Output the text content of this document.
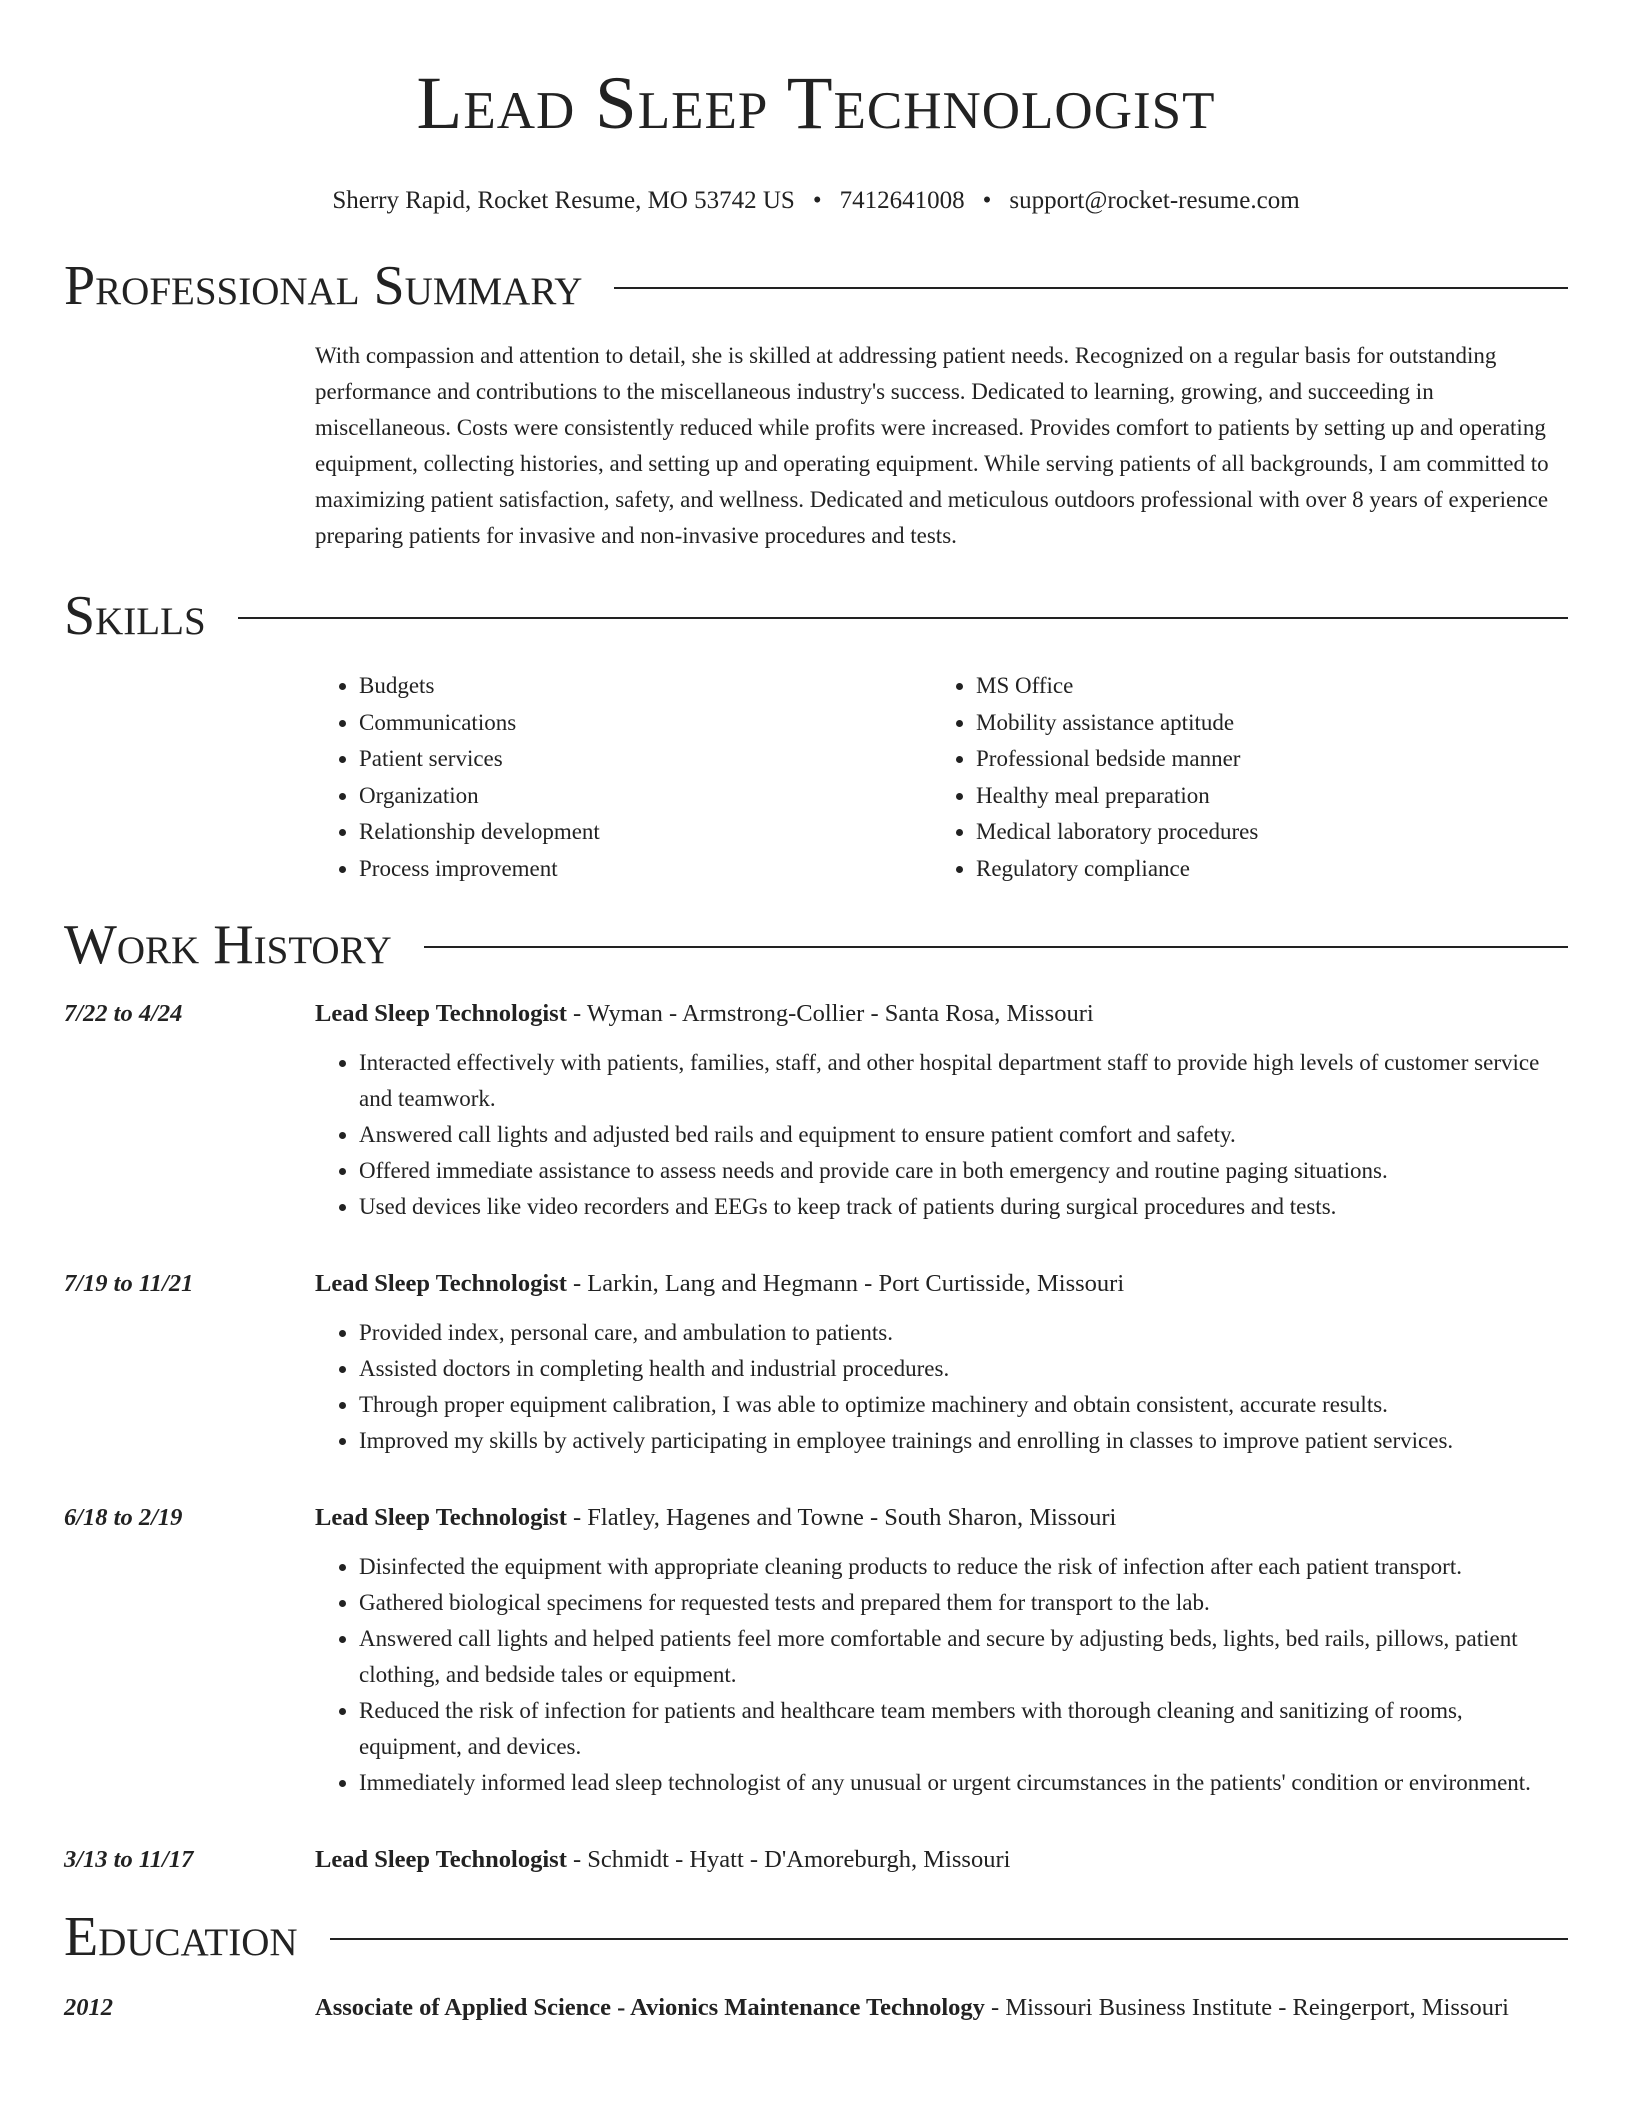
Lead Sleep Technologist
Sherry Rapid, Rocket Resume, MO 53742 US • 7412641008 • support@rocket-resume.com
Professional Summary
With compassion and attention to detail, she is skilled at addressing patient needs. Recognized on a regular basis for outstanding performance and contributions to the miscellaneous industry's success. Dedicated to learning, growing, and succeeding in miscellaneous. Costs were consistently reduced while profits were increased. Provides comfort to patients by setting up and operating equipment, collecting histories, and setting up and operating equipment. While serving patients of all backgrounds, I am committed to maximizing patient satisfaction, safety, and wellness. Dedicated and meticulous outdoors professional with over 8 years of experience preparing patients for invasive and non-invasive procedures and tests.
Skills
• Budgets
• Communications
• Patient services
• Organization
• Relationship development
• Process improvement
• MS Office
• Mobility assistance aptitude
• Professional bedside manner
• Healthy meal preparation
• Medical laboratory procedures
• Regulatory compliance
Work History
7/22 to 4/24	Lead Sleep Technologist - Wyman - Armstrong-Collier - Santa Rosa, Missouri
• Interacted effectively with patients, families, staff, and other hospital department staff to provide high levels of customer service and teamwork.
• Answered call lights and adjusted bed rails and equipment to ensure patient comfort and safety.
• Offered immediate assistance to assess needs and provide care in both emergency and routine paging situations.
• Used devices like video recorders and EEGs to keep track of patients during surgical procedures and tests.
7/19 to 11/21	Lead Sleep Technologist - Larkin, Lang and Hegmann - Port Curtisside, Missouri
• Provided index, personal care, and ambulation to patients.
• Assisted doctors in completing health and industrial procedures.
• Through proper equipment calibration, I was able to optimize machinery and obtain consistent, accurate results.
• Improved my skills by actively participating in employee trainings and enrolling in classes to improve patient services.
6/18 to 2/19	Lead Sleep Technologist - Flatley, Hagenes and Towne - South Sharon, Missouri
• Disinfected the equipment with appropriate cleaning products to reduce the risk of infection after each patient transport.
• Gathered biological specimens for requested tests and prepared them for transport to the lab.
• Answered call lights and helped patients feel more comfortable and secure by adjusting beds, lights, bed rails, pillows, patient clothing, and bedside tales or equipment.
• Reduced the risk of infection for patients and healthcare team members with thorough cleaning and sanitizing of rooms, equipment, and devices.
• Immediately informed lead sleep technologist of any unusual or urgent circumstances in the patients' condition or environment.
3/13 to 11/17	Lead Sleep Technologist - Schmidt - Hyatt - D'Amoreburgh, Missouri
Education
2012	Associate of Applied Science - Avionics Maintenance Technology - Missouri Business Institute - Reingerport, Missouri
